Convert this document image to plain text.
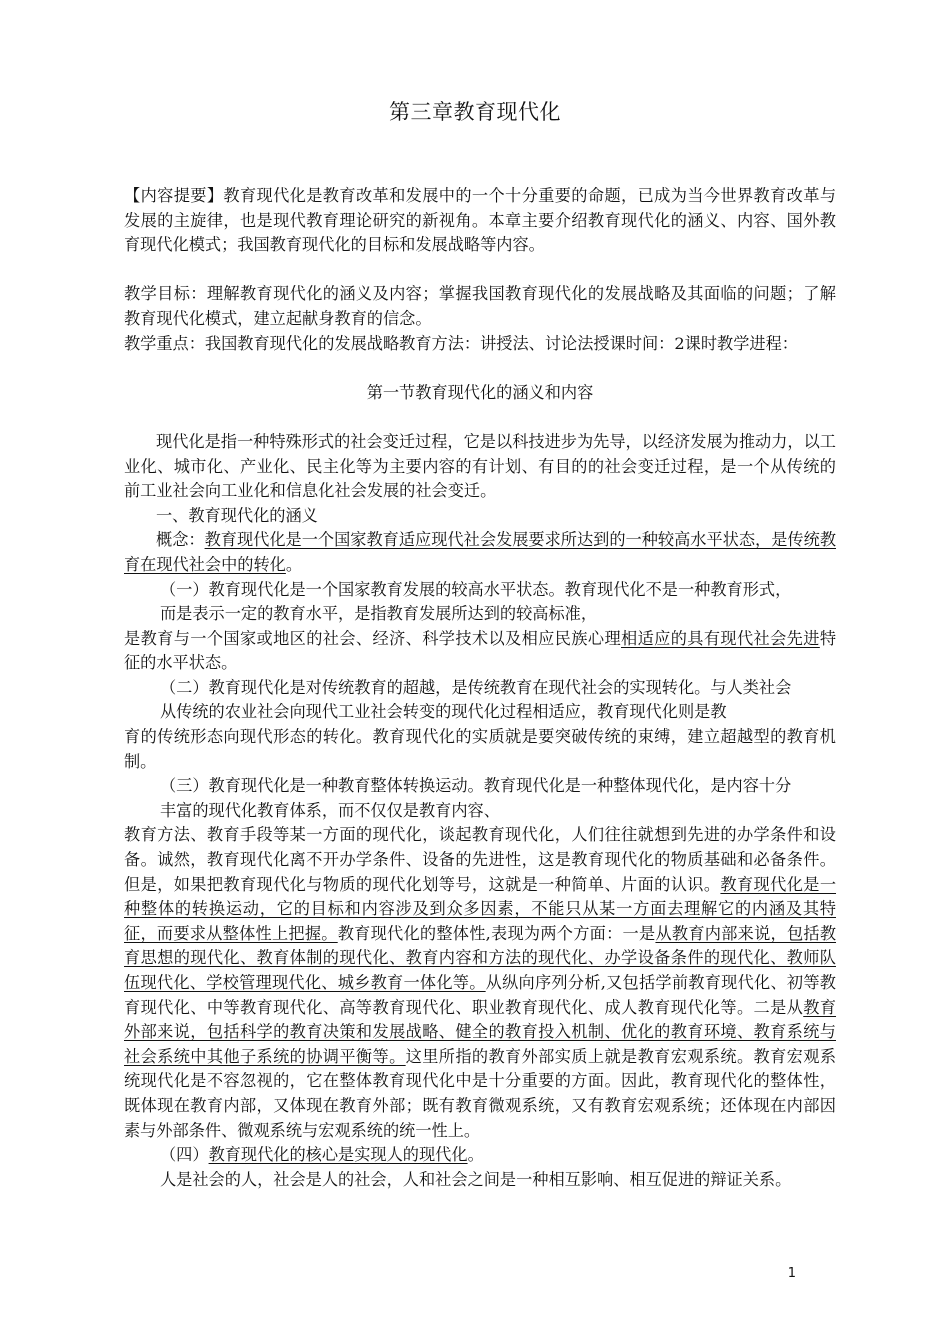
第三章教育现代化

【内容提要】教育现代化是教育改革和发展中的一个十分重要的命题，已成为当今世界教育改革与发展的主旋律，也是现代教育理论研究的新视角。本章主要介绍教育现代化的涵义、内容、国外教育现代化模式；我国教育现代化的目标和发展战略等内容。

教学目标：理解教育现代化的涵义及内容；掌握我国教育现代化的发展战略及其面临的问题；了解教育现代化模式，建立起献身教育的信念。

教学重点：我国教育现代化的发展战略教育方法：讲授法、讨论法授课时间：2课时教学进程：

第一节教育现代化的涵义和内容

现代化是指一种特殊形式的社会变迁过程，它是以科技进步为先导，以经济发展为推动力，以工业化、城市化、产业化、民主化等为主要内容的有计划、有目的的社会变迁过程，是一个从传统的前工业社会向工业化和信息化社会发展的社会变迁。

一、教育现代化的涵义

概念：教育现代化是一个国家教育适应现代社会发展要求所达到的一种较高水平状态，是传统教育在现代社会中的转化。

（一）教育现代化是一个国家教育发展的较高水平状态。教育现代化不是一种教育形式，

而是表示一定的教育水平，是指教育发展所达到的较高标准，

是教育与一个国家或地区的社会、经济、科学技术以及相应民族心理相适应的具有现代社会先进特征的水平状态。

（二）教育现代化是对传统教育的超越，是传统教育在现代社会的实现转化。与人类社会

从传统的农业社会向现代工业社会转变的现代化过程相适应，教育现代化则是教

育的传统形态向现代形态的转化。教育现代化的实质就是要突破传统的束缚，建立超越型的教育机制。

（三）教育现代化是一种教育整体转换运动。教育现代化是一种整体现代化，是内容十分

丰富的现代化教育体系，而不仅仅是教育内容、

教育方法、教育手段等某一方面的现代化，谈起教育现代化，人们往往就想到先进的办学条件和设备。诚然，教育现代化离不开办学条件、设备的先进性，这是教育现代化的物质基础和必备条件。但是，如果把教育现代化与物质的现代化划等号，这就是一种简单、片面的认识。教育现代化是一种整体的转换运动，它的目标和内容涉及到众多因素，不能只从某一方面去理解它的内涵及其特征，而要求从整体性上把握。教育现代化的整体性,表现为两个方面：一是从教育内部来说，包括教育思想的现代化、教育体制的现代化、教育内容和方法的现代化、办学设备条件的现代化、教师队伍现代化、学校管理现代化、城乡教育一体化等。从纵向序列分析,又包括学前教育现代化、初等教育现代化、中等教育现代化、高等教育现代化、职业教育现代化、成人教育现代化等。二是从教育外部来说，包括科学的教育决策和发展战略、健全的教育投入机制、优化的教育环境、教育系统与社会系统中其他子系统的协调平衡等。这里所指的教育外部实质上就是教育宏观系统。教育宏观系统现代化是不容忽视的，它在整体教育现代化中是十分重要的方面。因此，教育现代化的整体性，既体现在教育内部，又体现在教育外部；既有教育微观系统，又有教育宏观系统；还体现在内部因素与外部条件、微观系统与宏观系统的统一性上。

（四）教育现代化的核心是实现人的现代化。

人是社会的人，社会是人的社会，人和社会之间是一种相互影响、相互促进的辩证关系。

1
